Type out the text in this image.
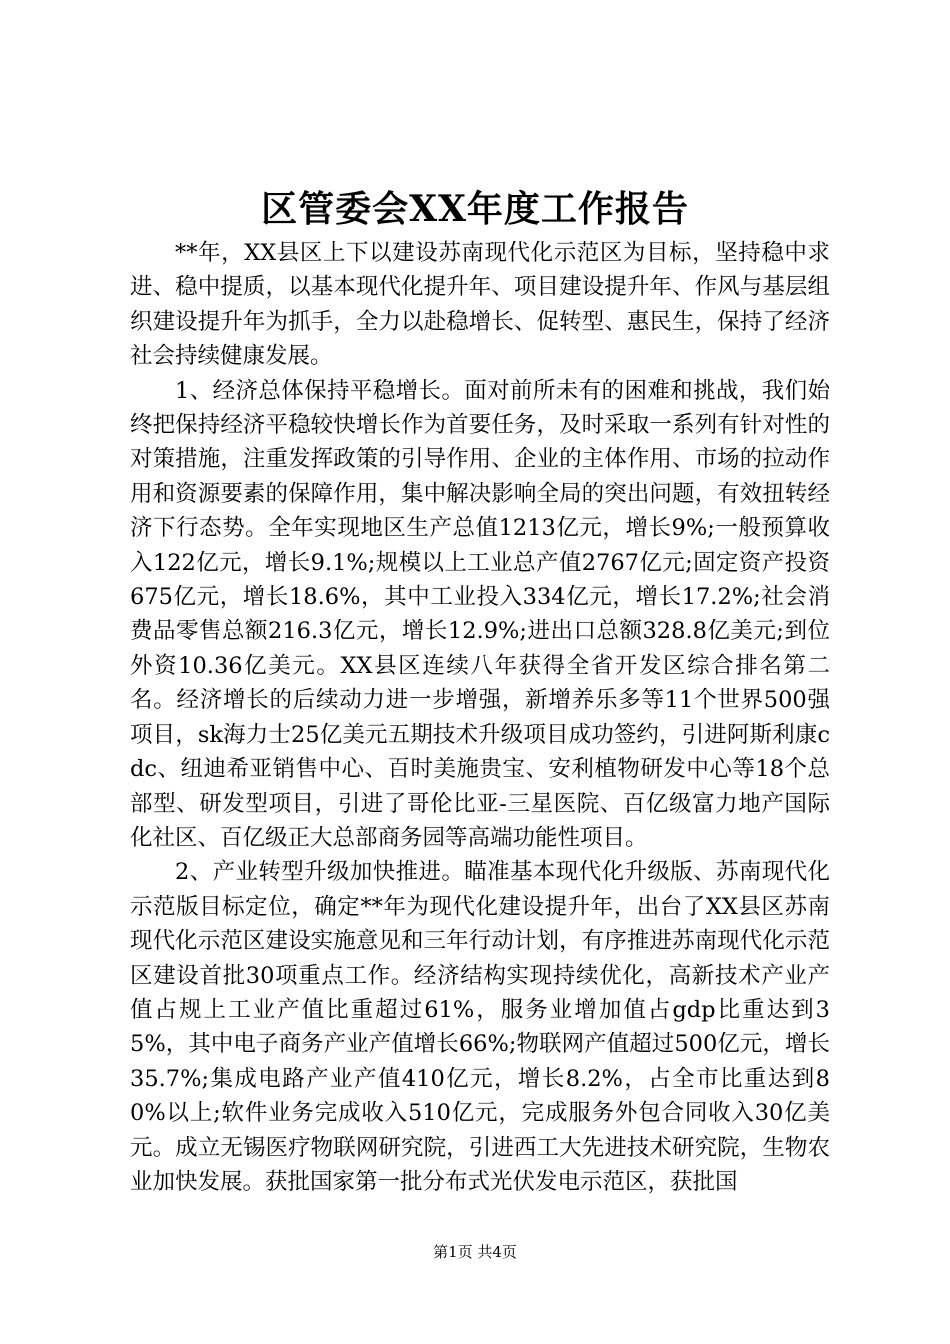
区管委会XX年度工作报告

**年，XX县区上下以建设苏南现代化示范区为目标，坚持稳中求进、稳中提质，以基本现代化提升年、项目建设提升年、作风与基层组织建设提升年为抓手，全力以赴稳增长、促转型、惠民生，保持了经济社会持续健康发展。

1、经济总体保持平稳增长。面对前所未有的困难和挑战，我们始终把保持经济平稳较快增长作为首要任务，及时采取一系列有针对性的对策措施，注重发挥政策的引导作用、企业的主体作用、市场的拉动作用和资源要素的保障作用，集中解决影响全局的突出问题，有效扭转经济下行态势。全年实现地区生产总值1213亿元，增长9%;一般预算收入122亿元，增长9.1%;规模以上工业总产值2767亿元;固定资产投资675亿元，增长18.6%，其中工业投入334亿元，增长17.2%;社会消费品零售总额216.3亿元，增长12.9%;进出口总额328.8亿美元;到位外资10.36亿美元。XX县区连续八年获得全省开发区综合排名第二名。经济增长的后续动力进一步增强，新增养乐多等11个世界500强项目，sk海力士25亿美元五期技术升级项目成功签约，引进阿斯利康cdc、纽迪希亚销售中心、百时美施贵宝、安利植物研发中心等18个总部型、研发型项目，引进了哥伦比亚-三星医院、百亿级富力地产国际化社区、百亿级正大总部商务园等高端功能性项目。

2、产业转型升级加快推进。瞄准基本现代化升级版、苏南现代化示范版目标定位，确定**年为现代化建设提升年，出台了XX县区苏南现代化示范区建设实施意见和三年行动计划，有序推进苏南现代化示范区建设首批30项重点工作。经济结构实现持续优化，高新技术产业产值占规上工业产值比重超过61%，服务业增加值占gdp比重达到35%，其中电子商务产业产值增长66%;物联网产值超过500亿元，增长35.7%;集成电路产业产值410亿元，增长8.2%，占全市比重达到80%以上;软件业务完成收入510亿元，完成服务外包合同收入30亿美元。成立无锡医疗物联网研究院，引进西工大先进技术研究院，生物农业加快发展。获批国家第一批分布式光伏发电示范区，获批国

第1页 共4页
